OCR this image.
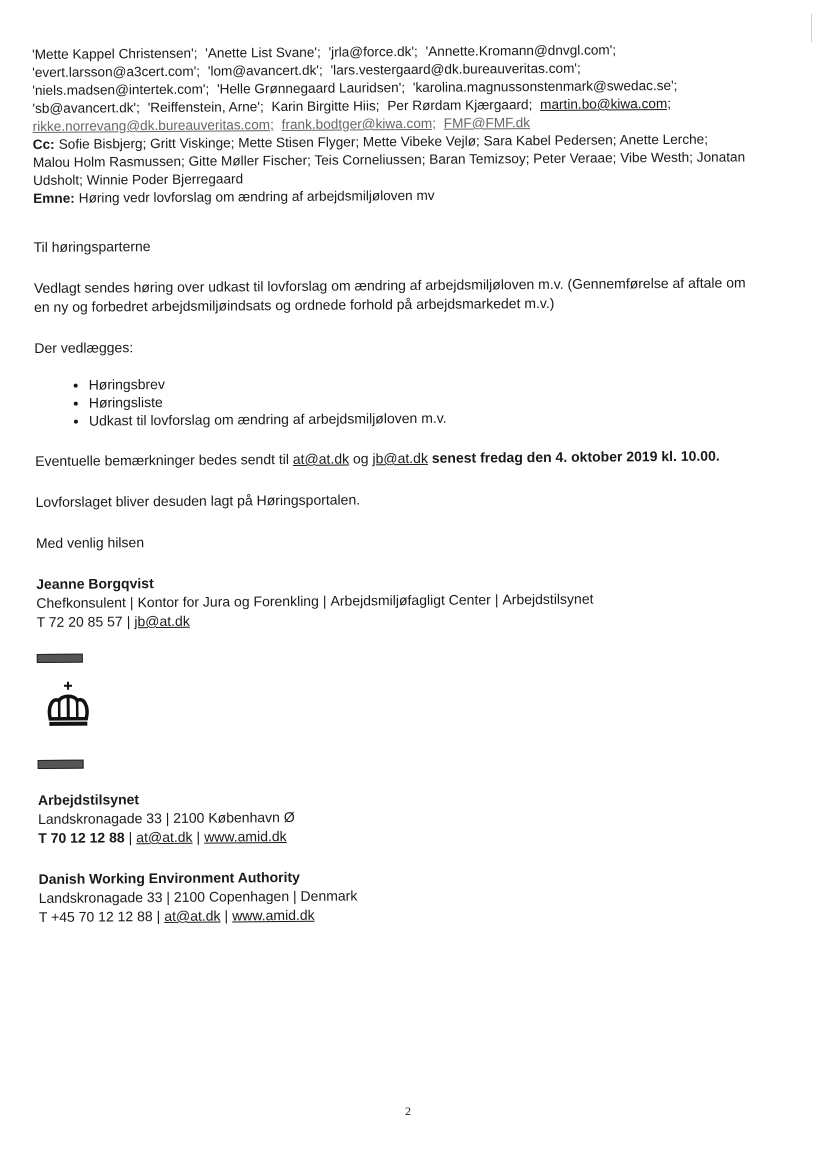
'Mette Kappel Christensen'; 'Anette List Svane'; 'jrla@force.dk'; 'Annette.Kromann@dnvgl.com'; 'evert.larsson@a3cert.com'; 'lom@avancert.dk'; 'lars.vestergaard@dk.bureauveritas.com'; 'niels.madsen@intertek.com'; 'Helle Grønnegaard Lauridsen'; 'karolina.magnussonstenmark@swedac.se'; 'sb@avancert.dk'; 'Reiffenstein, Arne'; Karin Birgitte Hiis; Per Rørdam Kjærgaard; martin.bo@kiwa.com; rikke.norrevang@dk.bureauveritas.com; frank.bodtger@kiwa.com; FMF@FMF.dk
Cc: Sofie Bisbjerg; Gritt Viskinge; Mette Stisen Flyger; Mette Vibeke Vejlø; Sara Kabel Pedersen; Anette Lerche; Malou Holm Rasmussen; Gitte Møller Fischer; Teis Corneliussen; Baran Temizsoy; Peter Veraae; Vibe Westh; Jonatan Udsholt; Winnie Poder Bjerregaard
Emne: Høring vedr lovforslag om ændring af arbejdsmiljøloven mv

Til høringsparterne

Vedlagt sendes høring over udkast til lovforslag om ændring af arbejdsmiljøloven m.v. (Gennemførelse af aftale om en ny og forbedret arbejdsmiljøindsats og ordnede forhold på arbejdsmarkedet m.v.)

Der vedlægges:

• Høringsbrev
• Høringsliste
• Udkast til lovforslag om ændring af arbejdsmiljøloven m.v.

Eventuelle bemærkninger bedes sendt til at@at.dk og jb@at.dk senest fredag den 4. oktober 2019 kl. 10.00.

Lovforslaget bliver desuden lagt på Høringsportalen.

Med venlig hilsen

Jeanne Borgqvist
Chefkonsulent | Kontor for Jura og Forenkling | Arbejdsmiljøfagligt Center | Arbejdstilsynet
T 72 20 85 57 | jb@at.dk
Arbejdstilsynet
Landskronagade 33 | 2100 København Ø
T 70 12 12 88 | at@at.dk | www.amid.dk
Danish Working Environment Authority
Landskronagade 33 | 2100 Copenhagen | Denmark
T +45 70 12 12 88 | at@at.dk | www.amid.dk
2
